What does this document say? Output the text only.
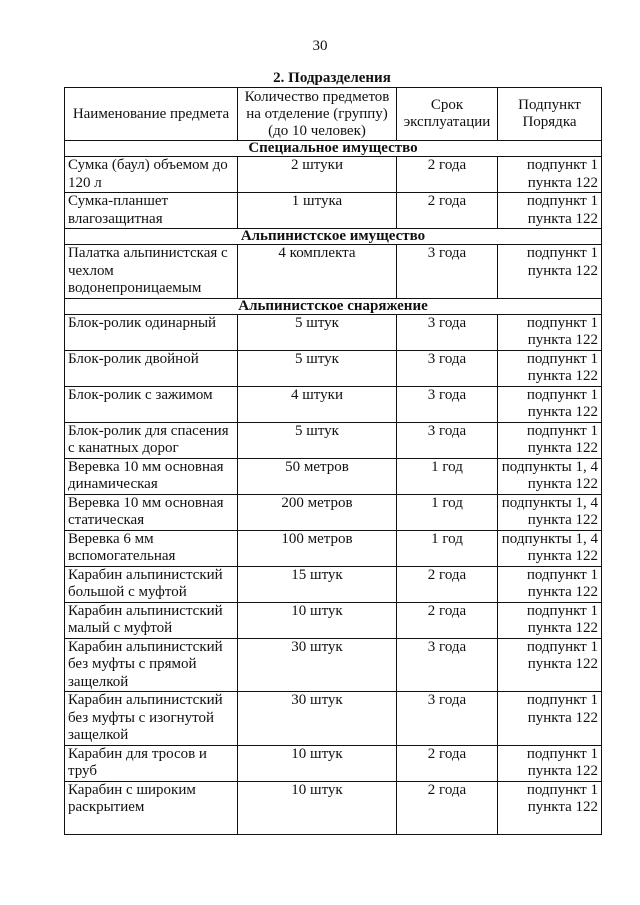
30
2. Подразделения
Наименование предмета	Количество предметов на отделение (группу) (до 10 человек)	Срок эксплуатации	Подпункт Порядка
Специальное имущество			
Сумка (баул) объемом до 120 л	2 штуки	2 года	подпункт 1 пункта 122
Сумка-планшет влагозащитная	1 штука	2 года	подпункт 1 пункта 122
Альпинистское имущество			
Палатка альпинистская с чехлом водонепроницаемым	4 комплекта	3 года	подпункт 1 пункта 122
Альпинистское снаряжение			
Блок-ролик одинарный	5 штук	3 года	подпункт 1 пункта 122
Блок-ролик двойной	5 штук	3 года	подпункт 1 пункта 122
Блок-ролик с зажимом	4 штуки	3 года	подпункт 1 пункта 122
Блок-ролик для спасения с канатных дорог	5 штук	3 года	подпункт 1 пункта 122
Веревка 10 мм основная динамическая	50 метров	1 год	подпункты 1, 4 пункта 122
Веревка 10 мм основная статическая	200 метров	1 год	подпункты 1, 4 пункта 122
Веревка 6 мм вспомогательная	100 метров	1 год	подпункты 1, 4 пункта 122
Карабин альпинистский большой с муфтой	15 штук	2 года	подпункт 1 пункта 122
Карабин альпинистский малый с муфтой	10 штук	2 года	подпункт 1 пункта 122
Карабин альпинистский без муфты с прямой защелкой	30 штук	3 года	подпункт 1 пункта 122
Карабин альпинистский без муфты с изогнутой защелкой	30 штук	3 года	подпункт 1 пункта 122
Карабин для тросов и труб	10 штук	2 года	подпункт 1 пункта 122
Карабин с широким раскрытием	10 штук	2 года	подпункт 1 пункта 122
